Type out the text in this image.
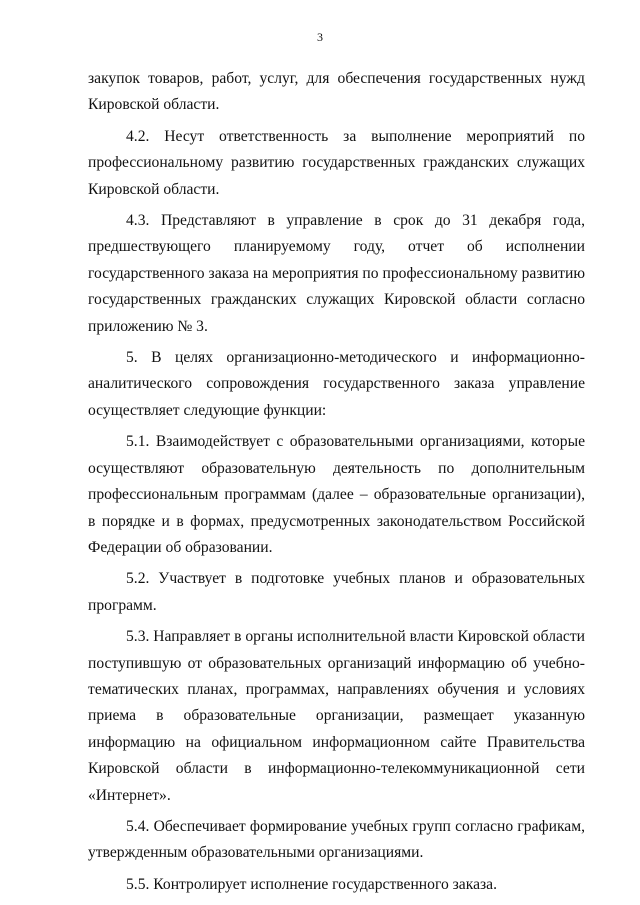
3

закупок товаров, работ, услуг, для обеспечения государственных нужд Кировской области.

4.2. Несут ответственность за выполнение мероприятий по профессиональному развитию государственных гражданских служащих Кировской области.

4.3. Представляют в управление в срок до 31 декабря года, предшествующего планируемому году, отчет об исполнении государственного заказа на мероприятия по профессиональному развитию государственных гражданских служащих Кировской области согласно приложению № 3.

5. В целях организационно-методического и информационно-аналитического сопровождения государственного заказа управление осуществляет следующие функции:

5.1. Взаимодействует с образовательными организациями, которые осуществляют образовательную деятельность по дополнительным профессиональным программам (далее – образовательные организации), в порядке и в формах, предусмотренных законодательством Российской Федерации об образовании.

5.2. Участвует в подготовке учебных планов и образовательных программ.

5.3. Направляет в органы исполнительной власти Кировской области поступившую от образовательных организаций информацию об учебно-тематических планах, программах, направлениях обучения и условиях приема в образовательные организации, размещает указанную информацию на официальном информационном сайте Правительства Кировской области в информационно-телекоммуникационной сети «Интернет».

5.4. Обеспечивает формирование учебных групп согласно графикам, утвержденным образовательными организациями.

5.5. Контролирует исполнение государственного заказа.
